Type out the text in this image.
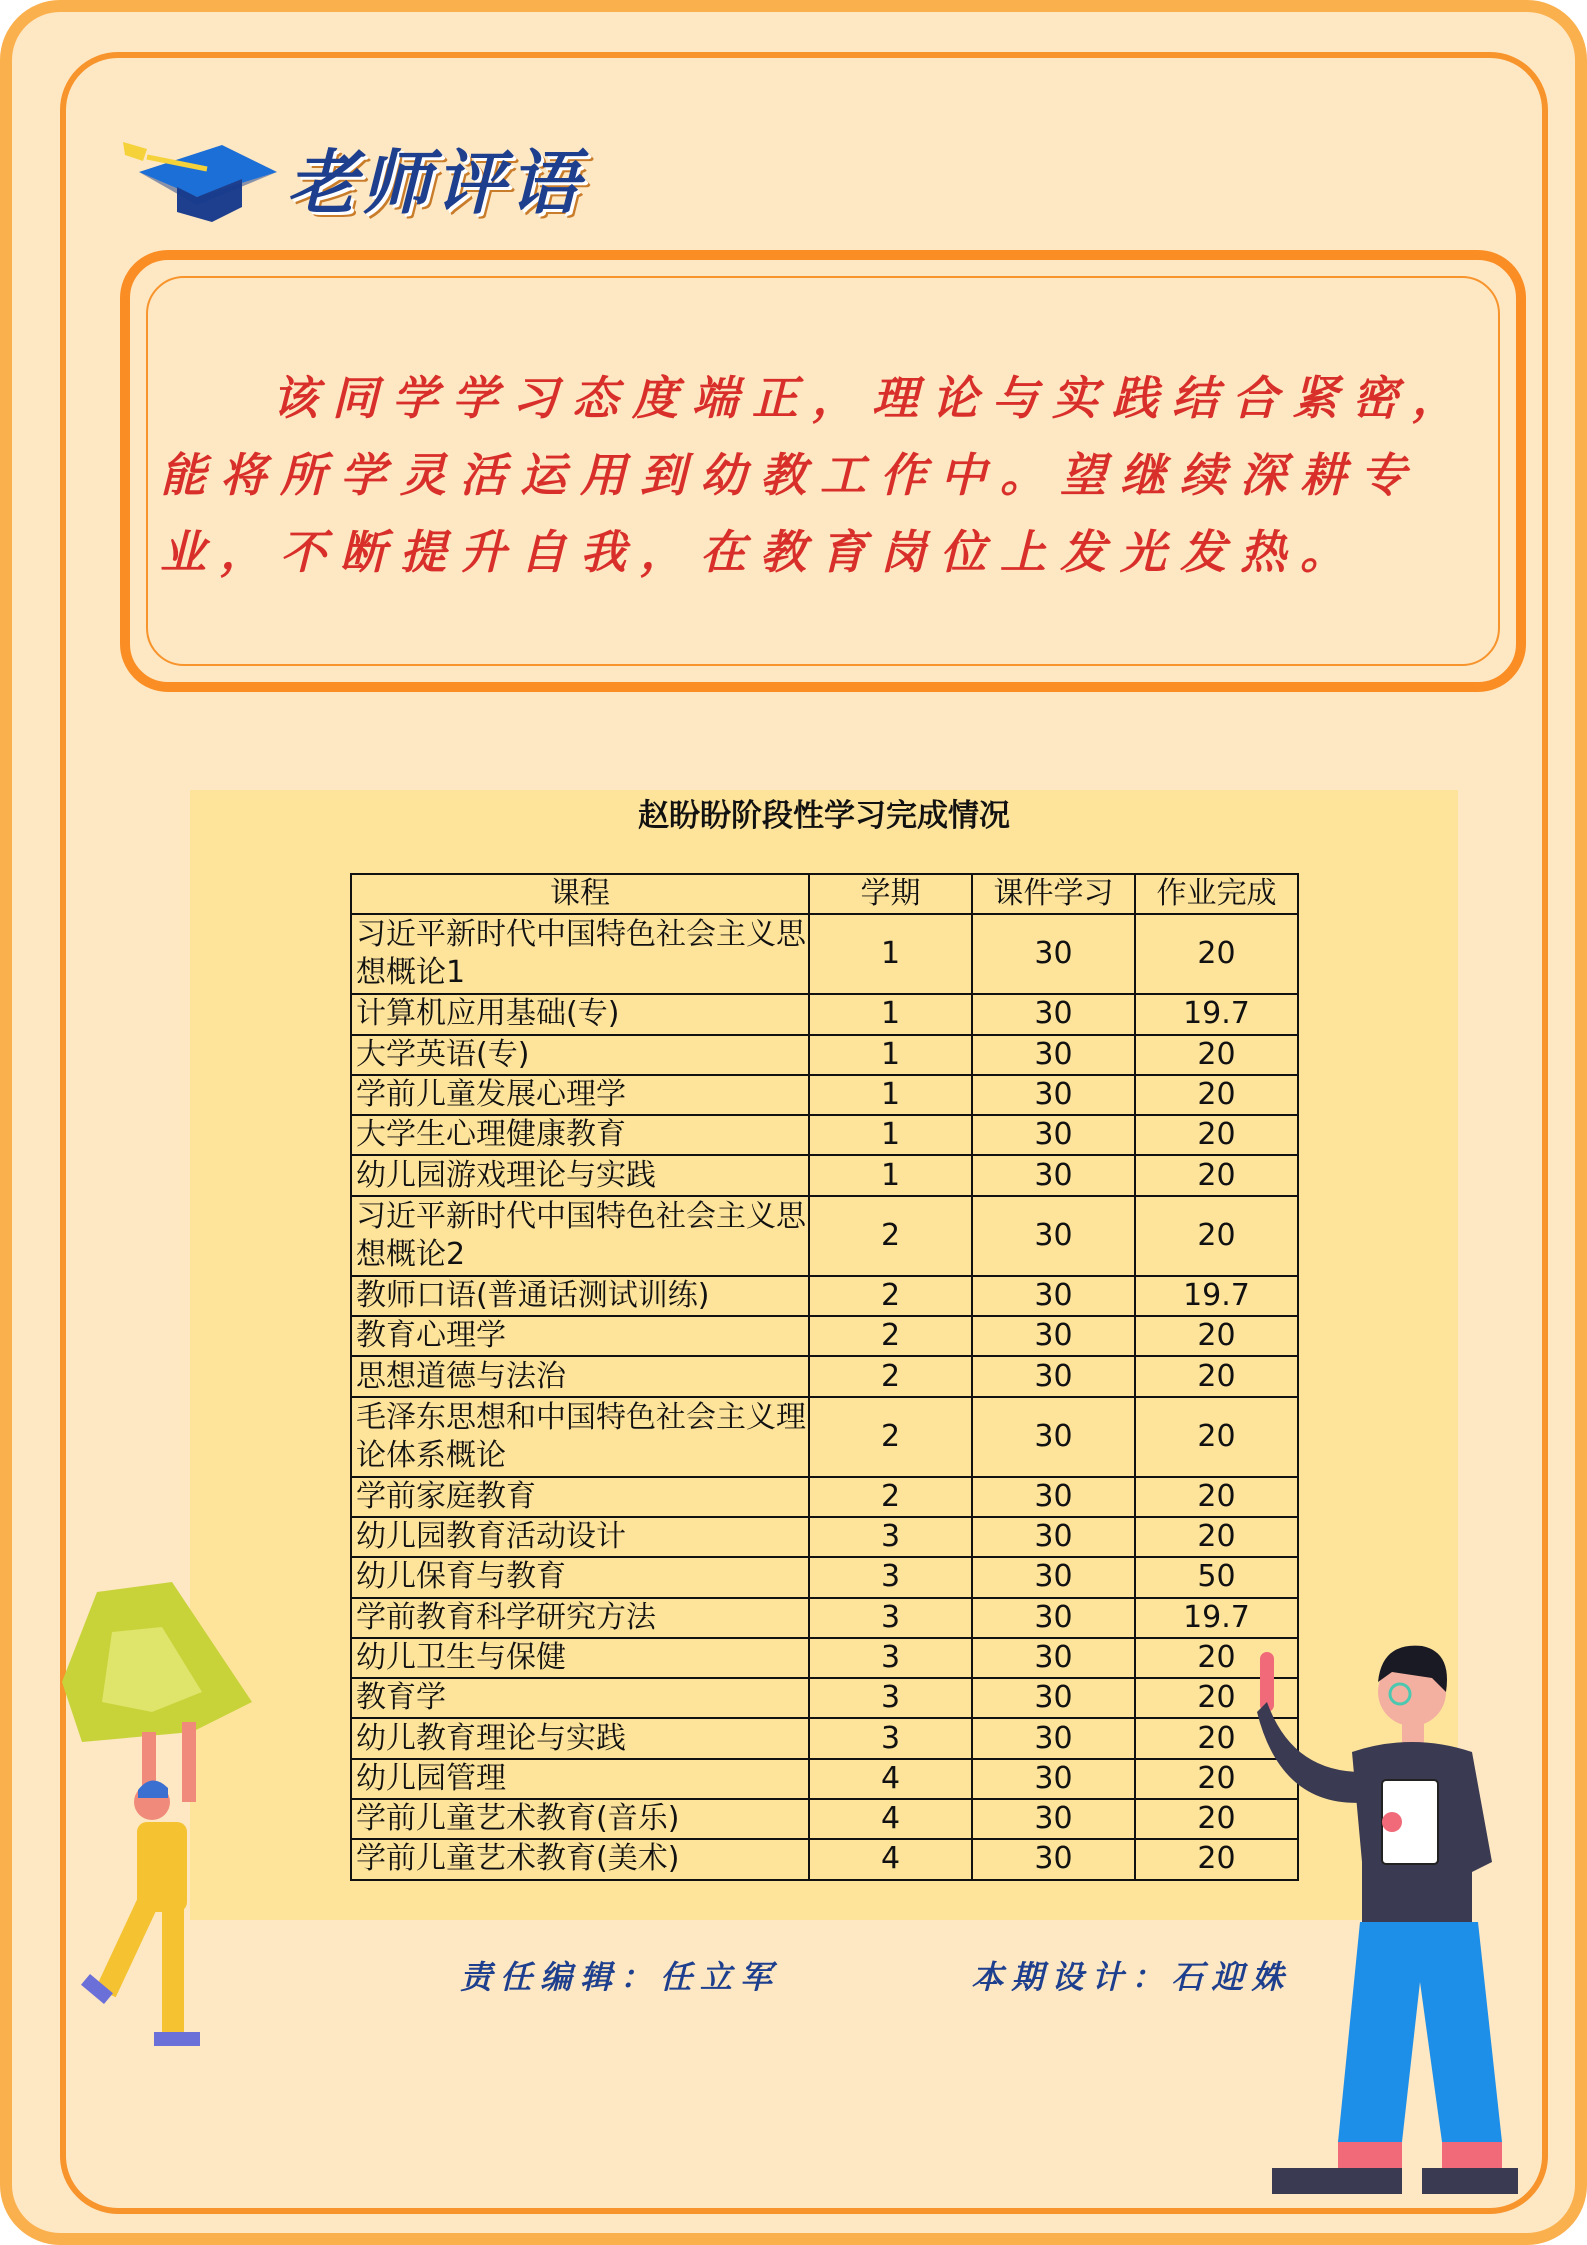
老师评语
该同学学习态度端正，理论与实践结合紧密，能将所学灵活运用到幼教工作中。望继续深耕专业，不断提升自我，在教育岗位上发光发热。
赵盼盼阶段性学习完成情况
课程	学期	课件学习	作业完成
习近平新时代中国特色社会主义思想概论1	1	30	20
计算机应用基础(专)	1	30	19.7
大学英语(专)	1	30	20
学前儿童发展心理学	1	30	20
大学生心理健康教育	1	30	20
幼儿园游戏理论与实践	1	30	20
习近平新时代中国特色社会主义思想概论2	2	30	20
教师口语(普通话测试训练)	2	30	19.7
教育心理学	2	30	20
思想道德与法治	2	30	20
毛泽东思想和中国特色社会主义理论体系概论	2	30	20
学前家庭教育	2	30	20
幼儿园教育活动设计	3	30	20
幼儿保育与教育	3	30	50
学前教育科学研究方法	3	30	19.7
幼儿卫生与保健	3	30	20
教育学	3	30	20
幼儿教育理论与实践	3	30	20
幼儿园管理	4	30	20
学前儿童艺术教育(音乐)	4	30	20
学前儿童艺术教育(美术)	4	30	20
责任编辑：任立军	本期设计：石迎姝
